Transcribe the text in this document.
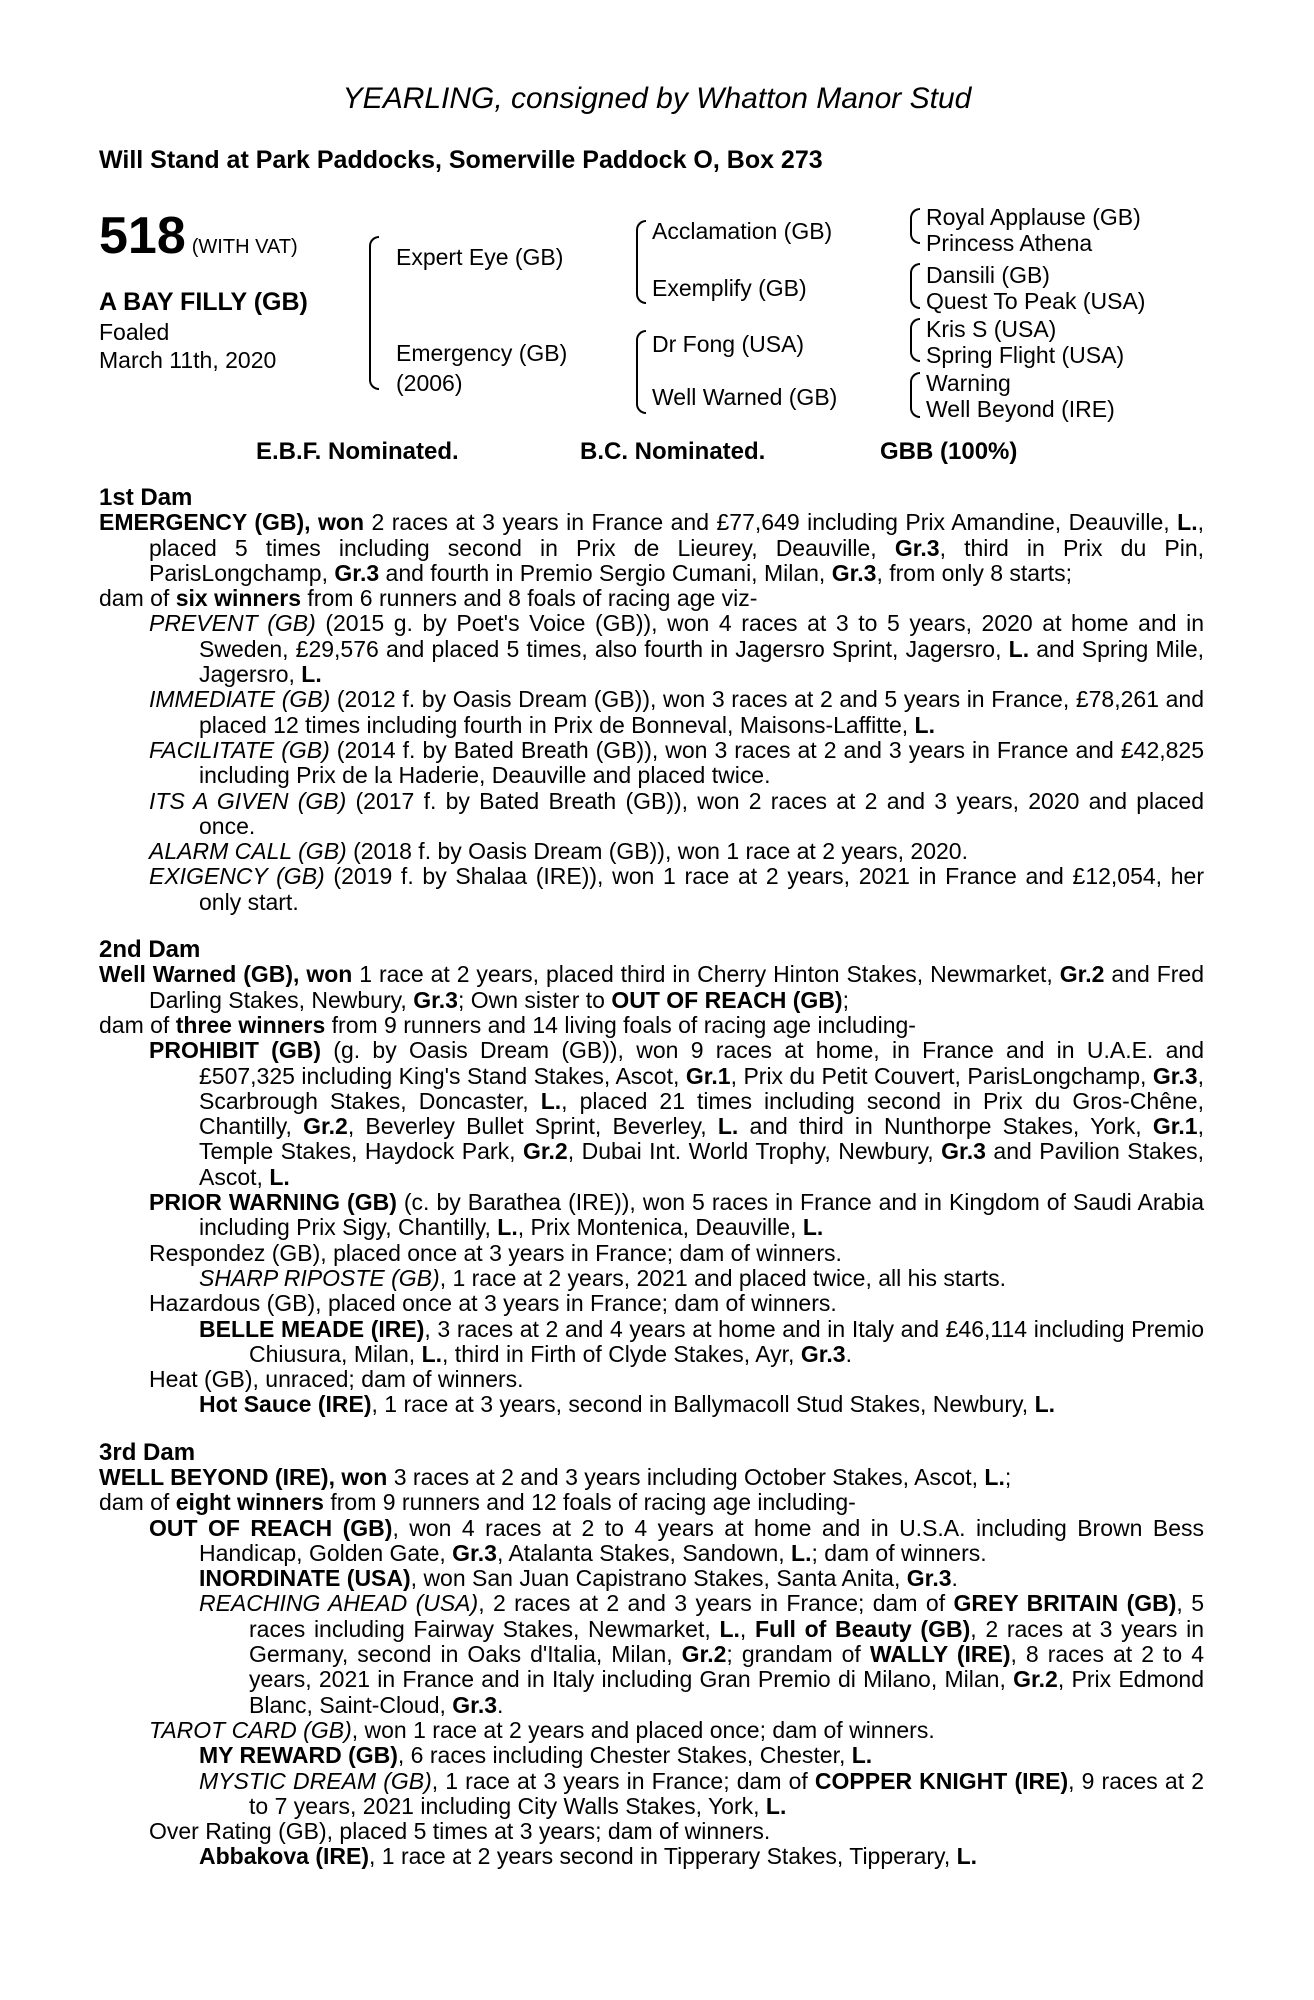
YEARLING, consigned by Whatton Manor Stud
Will Stand at Park Paddocks, Somerville Paddock O, Box 273
518 (WITH VAT)
A BAY FILLY (GB)
Foaled
March 11th, 2020
Expert Eye (GB)
Emergency (GB)
(2006)
Acclamation (GB)
Exemplify (GB)
Dr Fong (USA)
Well Warned (GB)
Royal Applause (GB)
Princess Athena
Dansili (GB)
Quest To Peak (USA)
Kris S (USA)
Spring Flight (USA)
Warning
Well Beyond (IRE)
E.B.F. Nominated.	B.C. Nominated.	GBB (100%)

1st Dam

EMERGENCY (GB), won 2 races at 3 years in France and £77,649 including Prix Amandine, Deauville, L., placed 5 times including second in Prix de Lieurey, Deauville, Gr.3, third in Prix du Pin, ParisLongchamp, Gr.3 and fourth in Premio Sergio Cumani, Milan, Gr.3, from only 8 starts;

dam of six winners from 6 runners and 8 foals of racing age viz-

PREVENT (GB) (2015 g. by Poet's Voice (GB)), won 4 races at 3 to 5 years, 2020 at home and in Sweden, £29,576 and placed 5 times, also fourth in Jagersro Sprint, Jagersro, L. and Spring Mile, Jagersro, L.

IMMEDIATE (GB) (2012 f. by Oasis Dream (GB)), won 3 races at 2 and 5 years in France, £78,261 and placed 12 times including fourth in Prix de Bonneval, Maisons-Laffitte, L.

FACILITATE (GB) (2014 f. by Bated Breath (GB)), won 3 races at 2 and 3 years in France and £42,825 including Prix de la Haderie, Deauville and placed twice.

ITS A GIVEN (GB) (2017 f. by Bated Breath (GB)), won 2 races at 2 and 3 years, 2020 and placed once.

ALARM CALL (GB) (2018 f. by Oasis Dream (GB)), won 1 race at 2 years, 2020.

EXIGENCY (GB) (2019 f. by Shalaa (IRE)), won 1 race at 2 years, 2021 in France and £12,054, her only start.

2nd Dam

Well Warned (GB), won 1 race at 2 years, placed third in Cherry Hinton Stakes, Newmarket, Gr.2 and Fred Darling Stakes, Newbury, Gr.3; Own sister to OUT OF REACH (GB);

dam of three winners from 9 runners and 14 living foals of racing age including-

PROHIBIT (GB) (g. by Oasis Dream (GB)), won 9 races at home, in France and in U.A.E. and £507,325 including King's Stand Stakes, Ascot, Gr.1, Prix du Petit Couvert, ParisLongchamp, Gr.3, Scarbrough Stakes, Doncaster, L., placed 21 times including second in Prix du Gros-Chêne, Chantilly, Gr.2, Beverley Bullet Sprint, Beverley, L. and third in Nunthorpe Stakes, York, Gr.1, Temple Stakes, Haydock Park, Gr.2, Dubai Int. World Trophy, Newbury, Gr.3 and Pavilion Stakes, Ascot, L.

PRIOR WARNING (GB) (c. by Barathea (IRE)), won 5 races in France and in Kingdom of Saudi Arabia including Prix Sigy, Chantilly, L., Prix Montenica, Deauville, L.

Respondez (GB), placed once at 3 years in France; dam of winners.

SHARP RIPOSTE (GB), 1 race at 2 years, 2021 and placed twice, all his starts.

Hazardous (GB), placed once at 3 years in France; dam of winners.

BELLE MEADE (IRE), 3 races at 2 and 4 years at home and in Italy and £46,114 including Premio Chiusura, Milan, L., third in Firth of Clyde Stakes, Ayr, Gr.3.

Heat (GB), unraced; dam of winners.

Hot Sauce (IRE), 1 race at 3 years, second in Ballymacoll Stud Stakes, Newbury, L.

3rd Dam

WELL BEYOND (IRE), won 3 races at 2 and 3 years including October Stakes, Ascot, L.;

dam of eight winners from 9 runners and 12 foals of racing age including-

OUT OF REACH (GB), won 4 races at 2 to 4 years at home and in U.S.A. including Brown Bess Handicap, Golden Gate, Gr.3, Atalanta Stakes, Sandown, L.; dam of winners.

INORDINATE (USA), won San Juan Capistrano Stakes, Santa Anita, Gr.3.

REACHING AHEAD (USA), 2 races at 2 and 3 years in France; dam of GREY BRITAIN (GB), 5 races including Fairway Stakes, Newmarket, L., Full of Beauty (GB), 2 races at 3 years in Germany, second in Oaks d'Italia, Milan, Gr.2; grandam of WALLY (IRE), 8 races at 2 to 4 years, 2021 in France and in Italy including Gran Premio di Milano, Milan, Gr.2, Prix Edmond Blanc, Saint-Cloud, Gr.3.

TAROT CARD (GB), won 1 race at 2 years and placed once; dam of winners.

MY REWARD (GB), 6 races including Chester Stakes, Chester, L.

MYSTIC DREAM (GB), 1 race at 3 years in France; dam of COPPER KNIGHT (IRE), 9 races at 2 to 7 years, 2021 including City Walls Stakes, York, L.

Over Rating (GB), placed 5 times at 3 years; dam of winners.

Abbakova (IRE), 1 race at 2 years second in Tipperary Stakes, Tipperary, L.
